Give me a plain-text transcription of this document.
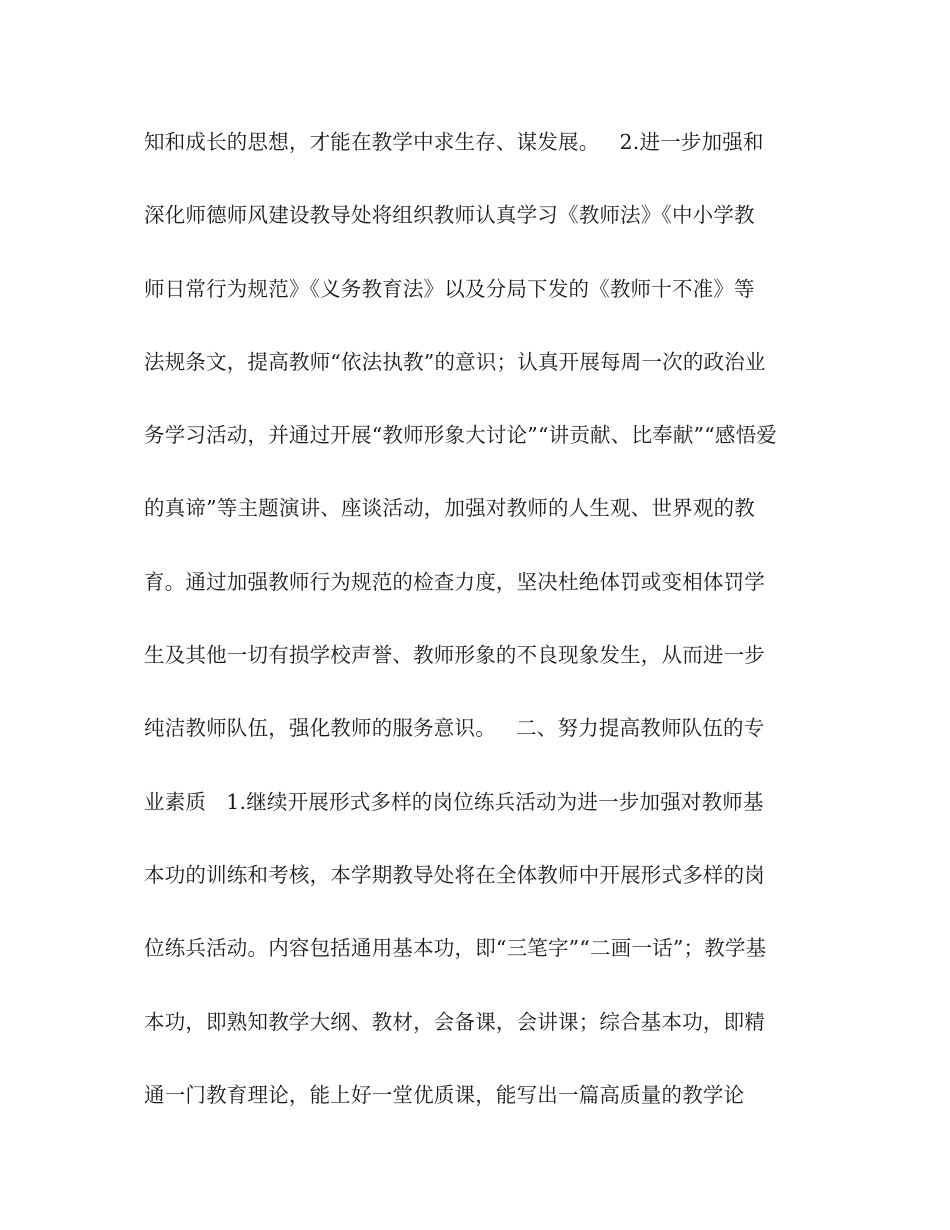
知和成长的思想，才能在教学中求生存、谋发展。   2.进一步加强和
深化师德师风建设教导处将组织教师认真学习《教师法》《中小学教
师日常行为规范》《义务教育法》以及分局下发的《教师十不准》等
法规条文，提高教师“依法执教”的意识；认真开展每周一次的政治业
务学习活动，并通过开展“教师形象大讨论”“讲贡献、比奉献”“感悟爱
的真谛”等主题演讲、座谈活动，加强对教师的人生观、世界观的教
育。通过加强教师行为规范的检查力度，坚决杜绝体罚或变相体罚学
生及其他一切有损学校声誉、教师形象的不良现象发生，从而进一步
纯洁教师队伍，强化教师的服务意识。   二、努力提高教师队伍的专
业素质   1.继续开展形式多样的岗位练兵活动为进一步加强对教师基
本功的训练和考核，本学期教导处将在全体教师中开展形式多样的岗
位练兵活动。内容包括通用基本功，即“三笔字”“二画一话”；教学基
本功，即熟知教学大纲、教材，会备课，会讲课；综合基本功，即精
通一门教育理论，能上好一堂优质课，能写出一篇高质量的教学论
